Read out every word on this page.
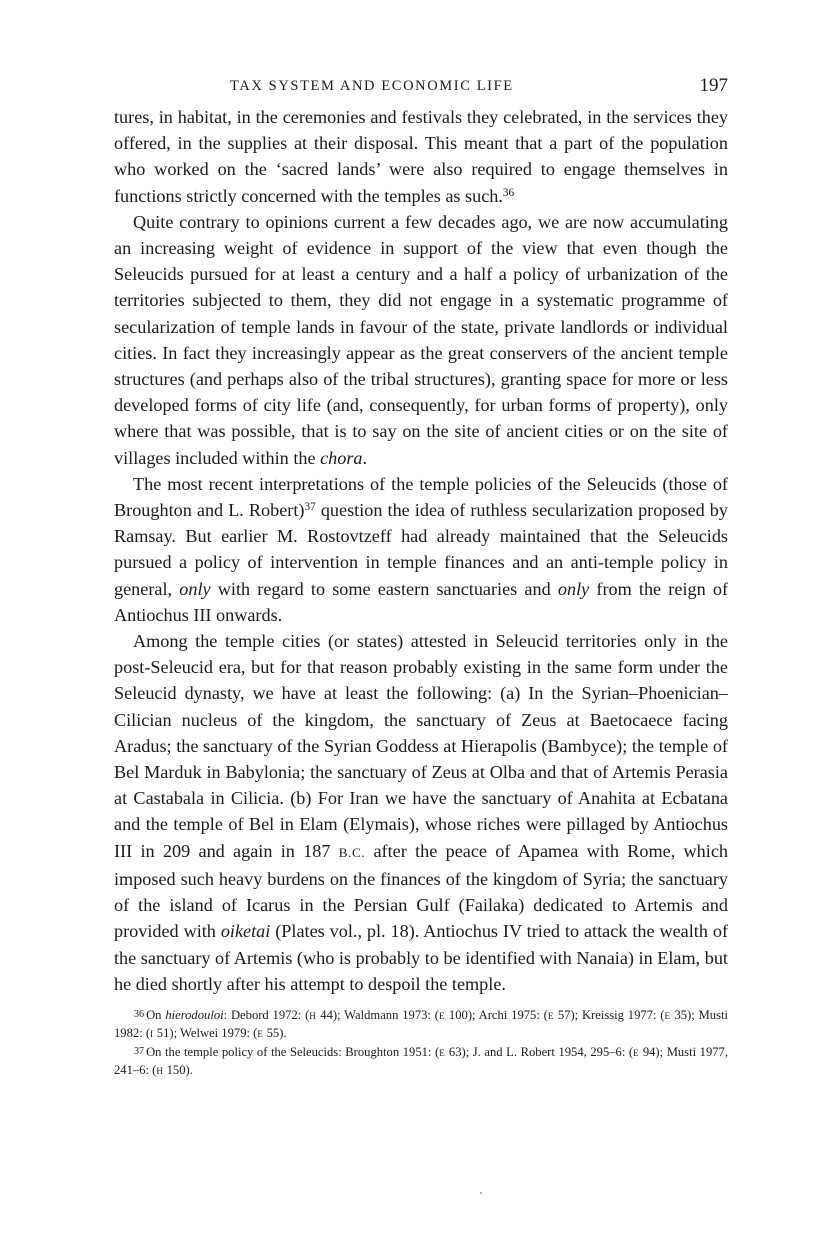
TAX SYSTEM AND ECONOMIC LIFE	197

tures, in habitat, in the ceremonies and festivals they celebrated, in the services they offered, in the supplies at their disposal. This meant that a part of the population who worked on the ‘sacred lands’ were also required to engage themselves in functions strictly concerned with the temples as such.$^{36}$

Quite contrary to opinions current a few decades ago, we are now accumulating an increasing weight of evidence in support of the view that even though the Seleucids pursued for at least a century and a half a policy of urbanization of the territories subjected to them, they did not engage in a systematic programme of secularization of temple lands in favour of the state, private landlords or individual cities. In fact they increasingly appear as the great conservers of the ancient temple structures (and perhaps also of the tribal structures), granting space for more or less developed forms of city life (and, consequently, for urban forms of property), only where that was possible, that is to say on the site of ancient cities or on the site of villages included within the chora.

The most recent interpretations of the temple policies of the Seleucids (those of Broughton and L. Robert)$^{37}$ question the idea of ruthless secularization proposed by Ramsay. But earlier M. Rostovtzeff had already maintained that the Seleucids pursued a policy of intervention in temple finances and an anti-temple policy in general, only with regard to some eastern sanctuaries and only from the reign of Antiochus III onwards.

Among the temple cities (or states) attested in Seleucid territories only in the post-Seleucid era, but for that reason probably existing in the same form under the Seleucid dynasty, we have at least the following: (a) In the Syrian–Phoenician–Cilician nucleus of the kingdom, the sanctuary of Zeus at Baetocaece facing Aradus; the sanctuary of the Syrian Goddess at Hierapolis (Bambyce); the temple of Bel Marduk in Babylonia; the sanctuary of Zeus at Olba and that of Artemis Perasia at Castabala in Cilicia. (b) For Iran we have the sanctuary of Anahita at Ecbatana and the temple of Bel in Elam (Elymais), whose riches were pillaged by Antiochus III in 209 and again in 187 B.C. after the peace of Apamea with Rome, which imposed such heavy burdens on the finances of the kingdom of Syria; the sanctuary of the island of Icarus in the Persian Gulf (Failaka) dedicated to Artemis and provided with oiketai (Plates vol., pl. 18). Antiochus IV tried to attack the wealth of the sanctuary of Artemis (who is probably to be identified with Nanaia) in Elam, but he died shortly after his attempt to despoil the temple.

$^{36}$ On hierodouloi: Debord 1972: (H 44); Waldmann 1973: (E 100); Archi 1975: (E 57); Kreissig 1977: (E 35); Musti 1982: (I 51); Welwei 1979: (E 55).

$^{37}$ On the temple policy of the Seleucids: Broughton 1951: (E 63); J. and L. Robert 1954, 295–6: (E 94); Musti 1977, 241–6: (H 150).
